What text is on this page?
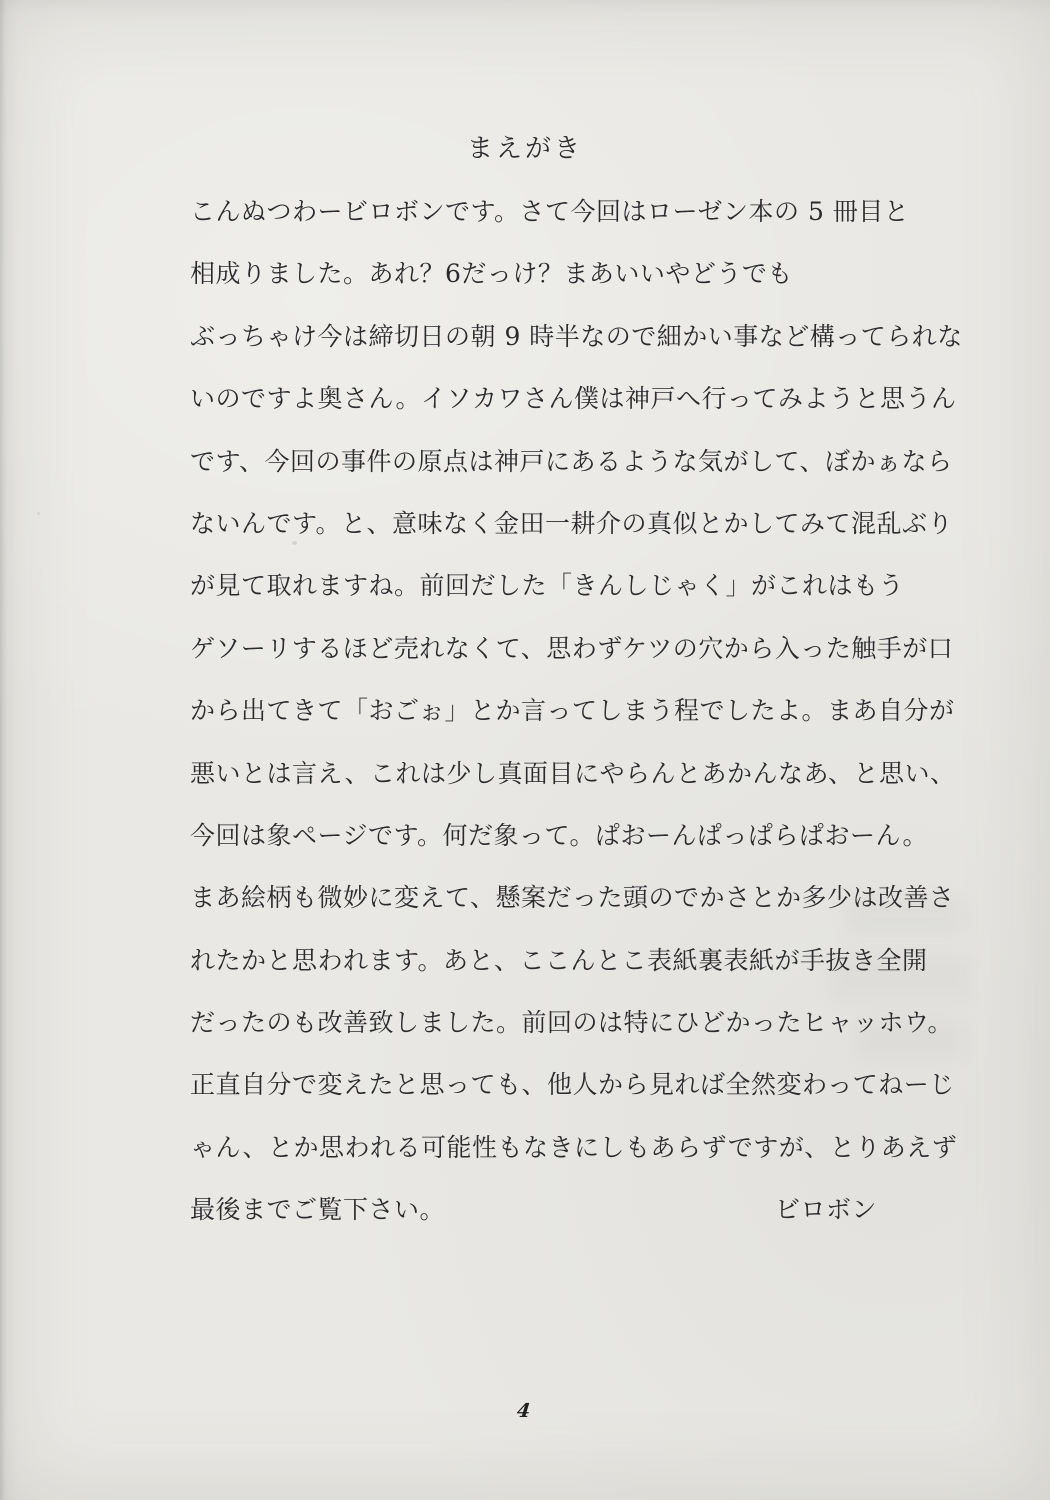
まえがき
こんぬつわービロボンです。さて今回はローゼン本の 5 冊目と
相成りました。あれ？6だっけ？まあいいやどうでも
ぶっちゃけ今は締切日の朝 9 時半なので細かい事など構ってられな
いのですよ奥さん。イソカワさん僕は神戸へ行ってみようと思うん
です、今回の事件の原点は神戸にあるような気がして、ぼかぁなら
ないんです。と、意味なく金田一耕介の真似とかしてみて混乱ぶり
が見て取れますね。前回だした「きんしじゃく」がこれはもう
ゲソーリするほど売れなくて、思わずケツの穴から入った触手が口
から出てきて「おごぉ」とか言ってしまう程でしたよ。まあ自分が
悪いとは言え、これは少し真面目にやらんとあかんなあ、と思い、
今回は象ページです。何だ象って。ぱおーんぱっぱらぱおーん。
まあ絵柄も微妙に変えて、懸案だった頭のでかさとか多少は改善さ
れたかと思われます。あと、ここんとこ表紙裏表紙が手抜き全開
だったのも改善致しました。前回のは特にひどかったヒャッホウ。
正直自分で変えたと思っても、他人から見れば全然変わってねーじ
ゃん、とか思われる可能性もなきにしもあらずですが、とりあえず
最後までご覧下さい。	ビロボン
4
